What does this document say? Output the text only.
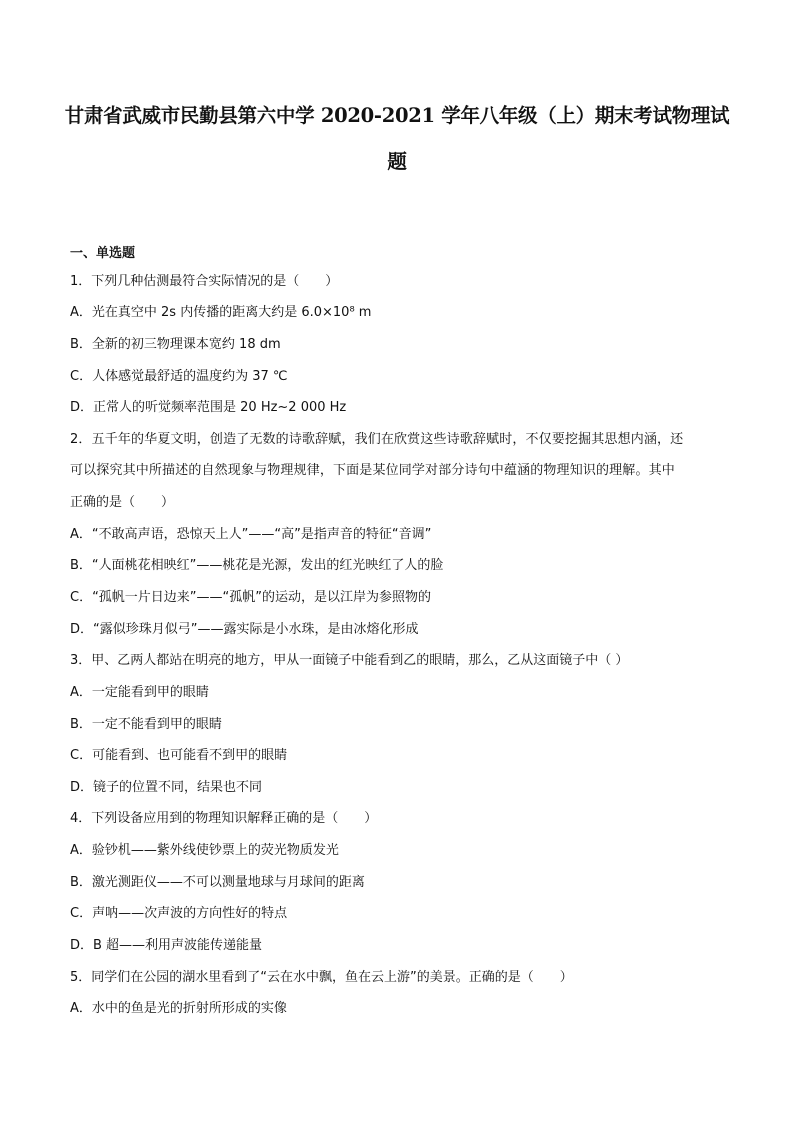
甘肃省武威市民勤县第六中学 2020-2021 学年八年级（上）期末考试物理试
题
一、单选题
1．下列几种估测最符合实际情况的是（　　）
A．光在真空中 2s 内传播的距离大约是 6.0×10⁸ m
B．全新的初三物理课本宽约 18 dm
C．人体感觉最舒适的温度约为 37 ℃
D．正常人的听觉频率范围是 20 Hz~2 000 Hz
2．五千年的华夏文明，创造了无数的诗歌辞赋，我们在欣赏这些诗歌辞赋时，不仅要挖掘其思想内涵，还
可以探究其中所描述的自然现象与物理规律，下面是某位同学对部分诗句中蕴涵的物理知识的理解。其中
正确的是（　　）
A．“不敢高声语，恐惊天上人”——“高”是指声音的特征“音调”
B．“人面桃花相映红”——桃花是光源，发出的红光映红了人的脸
C．“孤帆一片日边来”——“孤帆”的运动，是以江岸为参照物的
D．“露似珍珠月似弓”——露实际是小水珠，是由冰熔化形成
3．甲、乙两人都站在明亮的地方，甲从一面镜子中能看到乙的眼睛，那么，乙从这面镜子中（ ）
A．一定能看到甲的眼睛
B．一定不能看到甲的眼睛
C．可能看到、也可能看不到甲的眼睛
D．镜子的位置不同，结果也不同
4．下列设备应用到的物理知识解释正确的是（　　）
A．验钞机——紫外线使钞票上的荧光物质发光
B．激光测距仪——不可以测量地球与月球间的距离
C．声呐——次声波的方向性好的特点
D．B 超——利用声波能传递能量
5．同学们在公园的湖水里看到了“云在水中飘，鱼在云上游”的美景。正确的是（　　）
A．水中的鱼是光的折射所形成的实像
